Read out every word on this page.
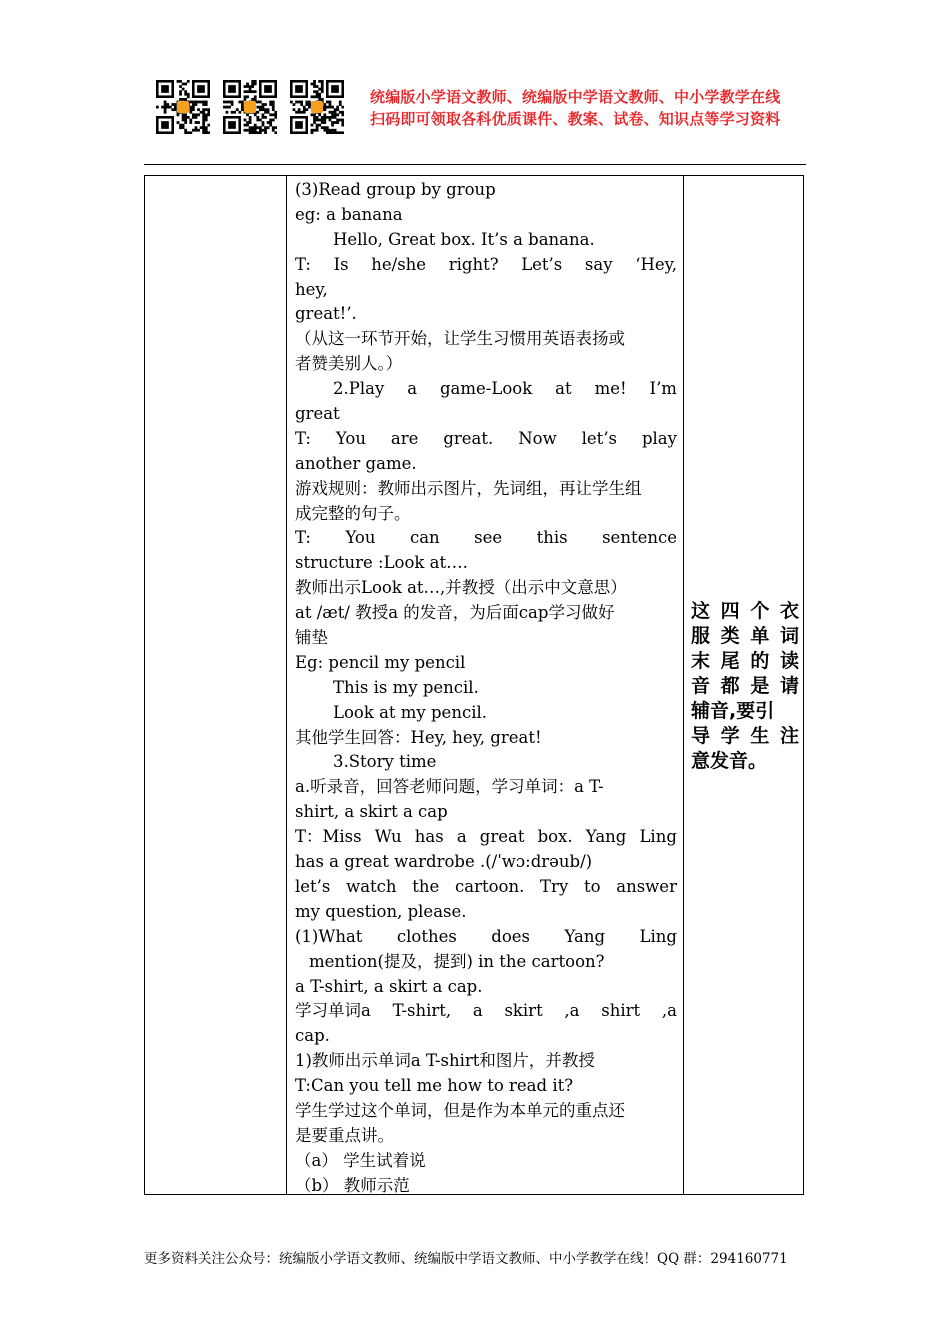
统编版小学语文教师、统编版中学语文教师、中小学教学在线
扫码即可领取各科优质课件、教案、试卷、知识点等学习资料
(3)Read group by group
eg: a banana
Hello, Great box. It’s a banana.
T: Is he/she right? Let’s say ‘Hey,
hey,
great!’.
（从这一环节开始，让学生习惯用英语表扬或
者赞美别人。）
2.Play a game-Look at me! I’m
great
T: You are great. Now let’s play
another game.
游戏规则：教师出示图片，先词组，再让学生组
成完整的句子。
T: You can see this sentence
structure :Look at….
教师出示Look at…,并教授（出示中文意思）
at /æt/ 教授a 的发音，为后面cap学习做好
铺垫
Eg: pencil my pencil
This is my pencil.
Look at my pencil.
其他学生回答：Hey, hey, great!
3.Story time
a.听录音，回答老师问题，学习单词：a T-
shirt, a skirt a cap
T：Miss Wu has a great box. Yang Ling
has a great wardrobe .(/ˈwɔ:drəub/)
let’s watch the cartoon. Try to answer
my question, please.
(1)What clothes does Yang Ling
mention(提及，提到) in the cartoon?
a T-shirt, a skirt a cap.
学习单词a T-shirt, a skirt ,a shirt ,a
cap.
1)教师出示单词a T-shirt和图片，并教授
T:Can you tell me how to read it?
学生学过这个单词，但是作为本单元的重点还
是要重点讲。
（a） 学生试着说
（b） 教师示范
这 四 个 衣
服 类 单 词
末 尾 的 读
音 都 是 请
辅音,要引
导 学 生 注
意发音。
更多资料关注公众号：统编版小学语文教师、统编版中学语文教师、中小学教学在线！QQ 群：294160771
